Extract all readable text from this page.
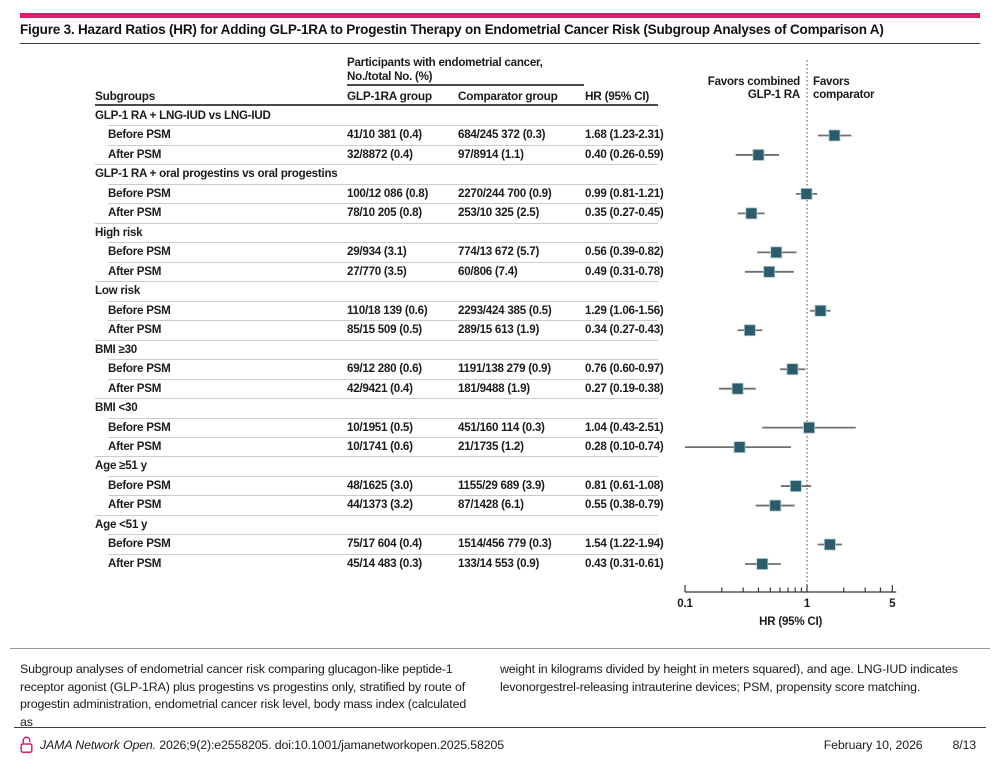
Figure 3. Hazard Ratios (HR) for Adding GLP-1RA to Progestin Therapy on Endometrial Cancer Risk (Subgroup Analyses of Comparison A)
Participants with endometrial cancer,
No./total No. (%)
Subgroups	GLP-1RA group Comparator group HR (95% CI)
GLP-1 RA + LNG-IUD vs LNG-IUD
Before PSM	41/10 381 (0.4)	684/245 372 (0.3)	1.68 (1.23-2.31)
After PSM	32/8872 (0.4)	97/8914 (1.1)	0.40 (0.26-0.59)
GLP-1 RA + oral progestins vs oral progestins
Before PSM	100/12 086 (0.8)	2270/244 700 (0.9)	0.99 (0.81-1.21)
After PSM	78/10 205 (0.8)	253/10 325 (2.5)	0.35 (0.27-0.45)
High risk
Before PSM	29/934 (3.1)	774/13 672 (5.7)	0.56 (0.39-0.82)
After PSM	27/770 (3.5)	60/806 (7.4)	0.49 (0.31-0.78)
Low risk
Before PSM	110/18 139 (0.6)	2293/424 385 (0.5)	1.29 (1.06-1.56)
After PSM	85/15 509 (0.5)	289/15 613 (1.9)	0.34 (0.27-0.43)
BMI ≥30
Before PSM	69/12 280 (0.6)	1191/138 279 (0.9)	0.76 (0.60-0.97)
After PSM	42/9421 (0.4)	181/9488 (1.9)	0.27 (0.19-0.38)
BMI <30
Before PSM	10/1951 (0.5)	451/160 114 (0.3)	1.04 (0.43-2.51)
After PSM	10/1741 (0.6)	21/1735 (1.2)	0.28 (0.10-0.74)
Age ≥51 y
Before PSM	48/1625 (3.0)	1155/29 689 (3.9)	0.81 (0.61-1.08)
After PSM	44/1373 (3.2)	87/1428 (6.1)	0.55 (0.38-0.79)
Age <51 y
Before PSM	75/17 604 (0.4)	1514/456 779 (0.3)	1.54 (1.22-1.94)
After PSM	45/14 483 (0.3)	133/14 553 (0.9)	0.43 (0.31-0.61)
Favors combined
GLP-1 RA
Favors
comparator
0.1	1	5
HR (95% CI)
Subgroup analyses of endometrial cancer risk comparing glucagon-like peptide-1 receptor agonist (GLP-1RA) plus progestins vs progestins only, stratified by route of progestin administration, endometrial cancer risk level, body mass index (calculated as
weight in kilograms divided by height in meters squared), and age. LNG-IUD indicates levonorgestrel-releasing intrauterine devices; PSM, propensity score matching.
JAMA Network Open. 2026;9(2):e2558205. doi:10.1001/jamanetworkopen.2025.58205	February 10, 2026 8/13
